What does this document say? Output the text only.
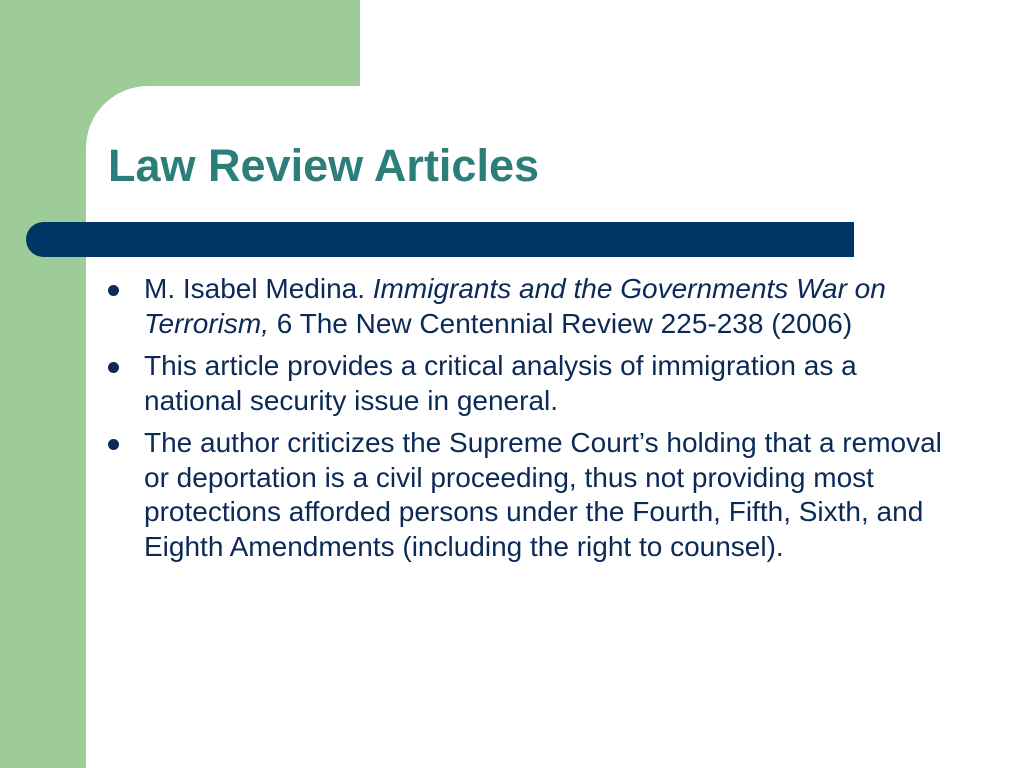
Law Review Articles
M. Isabel Medina. Immigrants and the Governments War on Terrorism, 6 The New Centennial Review 225-238 (2006)
This article provides a critical analysis of immigration as a national security issue in general.
The author criticizes the Supreme Court’s holding that a removal or deportation is a civil proceeding, thus not providing most protections afforded persons under the Fourth, Fifth, Sixth, and Eighth Amendments (including the right to counsel).
